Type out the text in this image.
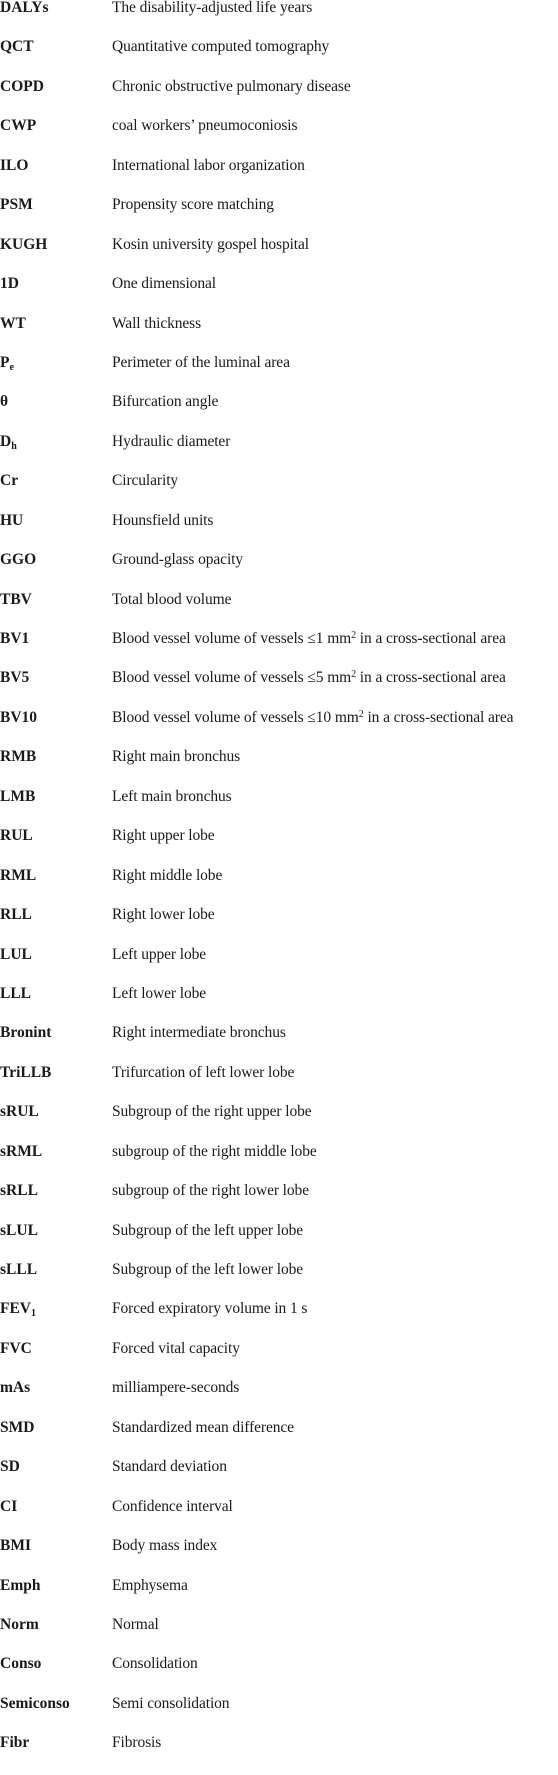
DALYs	The disability-adjusted life years
QCT	Quantitative computed tomography
COPD	Chronic obstructive pulmonary disease
CWP	coal workers’ pneumoconiosis
ILO	International labor organization
PSM	Propensity score matching
KUGH	Kosin university gospel hospital
1D	One dimensional
WT	Wall thickness
$P_e$	Perimeter of the luminal area
θ	Bifurcation angle
$D_h$	Hydraulic diameter
Cr	Circularity
HU	Hounsfield units
GGO	Ground-glass opacity
TBV	Total blood volume
BV1	Blood vessel volume of vessels ≤1 $mm^2$ in a cross-sectional area
BV5	Blood vessel volume of vessels ≤5 $mm^2$ in a cross-sectional area
BV10	Blood vessel volume of vessels ≤10 $mm^2$ in a cross-sectional area
RMB	Right main bronchus
LMB	Left main bronchus
RUL	Right upper lobe
RML	Right middle lobe
RLL	Right lower lobe
LUL	Left upper lobe
LLL	Left lower lobe
Bronint	Right intermediate bronchus
TriLLB	Trifurcation of left lower lobe
sRUL	Subgroup of the right upper lobe
sRML	subgroup of the right middle lobe
sRLL	subgroup of the right lower lobe
sLUL	Subgroup of the left upper lobe
sLLL	Subgroup of the left lower lobe
$FEV_1$	Forced expiratory volume in 1 s
FVC	Forced vital capacity
mAs	milliampere-seconds
SMD	Standardized mean difference
SD	Standard deviation
CI	Confidence interval
BMI	Body mass index
Emph	Emphysema
Norm	Normal
Conso	Consolidation
Semiconso	Semi consolidation
Fibr	Fibrosis
